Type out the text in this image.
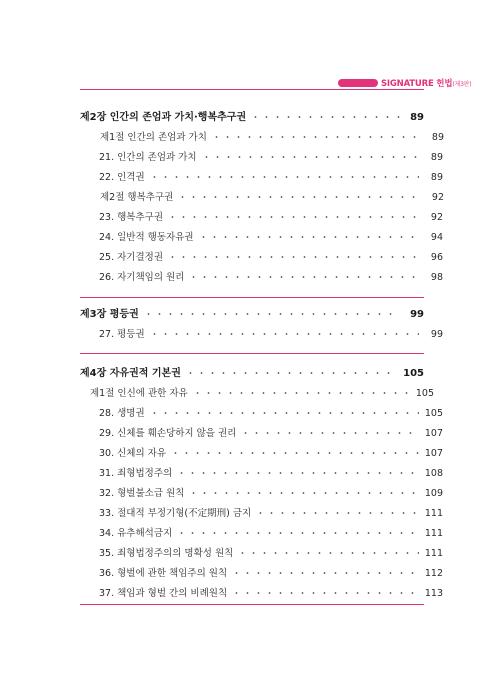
SIGNATURE 헌법(제3판)
제2장 인간의 존엄과 가치·행복추구권	89
제1절 인간의 존엄과 가치	89
21. 인간의 존엄과 가치	89
22. 인격권	89
제2절 행복추구권	92
23. 행복추구권	92
24. 일반적 행동자유권	94
25. 자기결정권	96
26. 자기책임의 원리	98
제3장 평등권	99
27. 평등권	99
제4장 자유권적 기본권	105
제1절 인신에 관한 자유	105
28. 생명권	105
29. 신체를 훼손당하지 않을 권리	107
30. 신체의 자유	107
31. 죄형법정주의	108
32. 형벌불소급 원칙	109
33. 절대적 부정기형(不定期刑) 금지	111
34. 유추해석금지	111
35. 죄형법정주의의 명확성 원칙	111
36. 형벌에 관한 책임주의 원칙	112
37. 책임과 형벌 간의 비례원칙	113
